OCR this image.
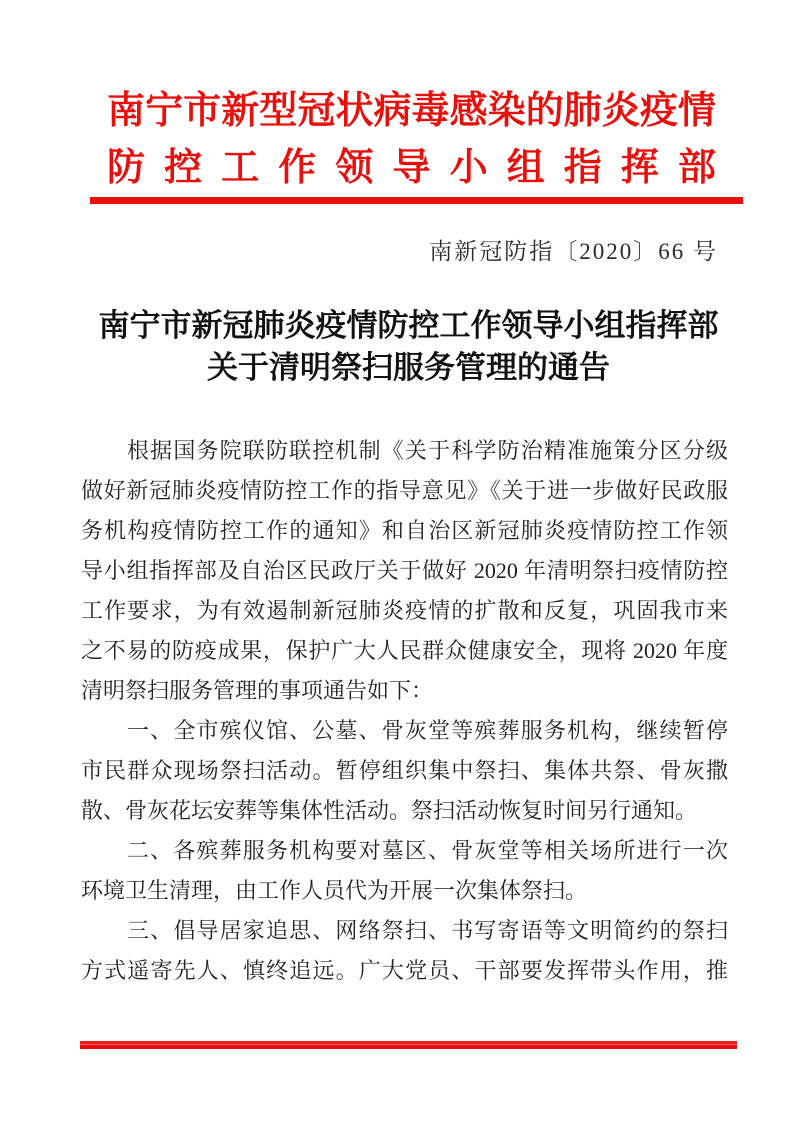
南宁市新型冠状病毒感染的肺炎疫情
防控工作领导小组指挥部
南新冠防指〔2020〕66 号
南宁市新冠肺炎疫情防控工作领导小组指挥部
关于清明祭扫服务管理的通告
根据国务院联防联控机制《关于科学防治精准施策分区分级
做好新冠肺炎疫情防控工作的指导意见》《关于进一步做好民政服
务机构疫情防控工作的通知》和自治区新冠肺炎疫情防控工作领
导小组指挥部及自治区民政厅关于做好 2020 年清明祭扫疫情防控
工作要求，为有效遏制新冠肺炎疫情的扩散和反复，巩固我市来
之不易的防疫成果，保护广大人民群众健康安全，现将 2020 年度
清明祭扫服务管理的事项通告如下：
一、全市殡仪馆、公墓、骨灰堂等殡葬服务机构，继续暂停
市民群众现场祭扫活动。暂停组织集中祭扫、集体共祭、骨灰撒
散、骨灰花坛安葬等集体性活动。祭扫活动恢复时间另行通知。
二、各殡葬服务机构要对墓区、骨灰堂等相关场所进行一次
环境卫生清理，由工作人员代为开展一次集体祭扫。
三、倡导居家追思、网络祭扫、书写寄语等文明简约的祭扫
方式遥寄先人、慎终追远。广大党员、干部要发挥带头作用，推
